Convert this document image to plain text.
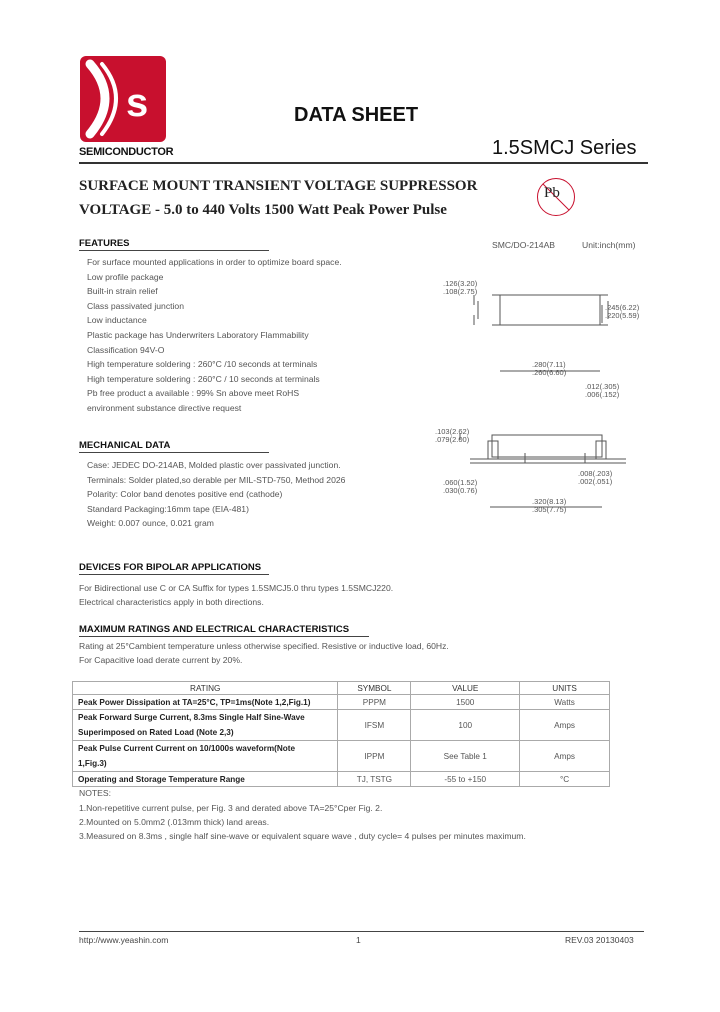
s
SEMICONDUCTOR
DATA SHEET
1.5SMCJ Series
SURFACE MOUNT TRANSIENT VOLTAGE SUPPRESSOR
VOLTAGE - 5.0 to 440 Volts 1500 Watt Peak Power Pulse
Pb
FEATURES
For surface mounted applications in order to optimize board space.
Low profile package
Built-in strain relief
Class passivated junction
Low inductance
Plastic package has Underwriters Laboratory Flammability
Classification 94V-O
High temperature soldering : 260°C /10 seconds at terminals
High temperature soldering : 260°C / 10 seconds at terminals
Pb free product a available : 99% Sn above meet RoHS
environment substance directive request
SMC/DO-214AB	Unit:inch(mm)
.126(3.20)
.108(2.75)
.245(6.22)
.220(5.59)
.280(7.11)
.260(6.60)
.012(.305)
.006(.152)
.103(2.62)
.079(2.00)
.060(1.52)
.030(0.76)
.008(.203)
.002(.051)
.320(8.13)
.305(7.75)
MECHANICAL DATA
Case: JEDEC DO-214AB, Molded plastic over passivated junction.
Terminals: Solder plated,so derable per MIL-STD-750, Method 2026
Polarity: Color band denotes positive end (cathode)
Standard Packaging:16mm tape (EIA-481)
Weight: 0.007 ounce, 0.021 gram
DEVICES FOR BIPOLAR APPLICATIONS
For Bidirectional use C or CA Suffix for types 1.5SMCJ5.0 thru types 1.5SMCJ220.
Electrical characteristics apply in both directions.
MAXIMUM RATINGS AND ELECTRICAL CHARACTERISTICS
Rating at 25°Cambient temperature unless otherwise specified. Resistive or inductive load, 60Hz.
For Capacitive load derate current by 20%.
RATING	SYMBOL	VALUE	UNITS
Peak Power Dissipation at TA=25°C, TP=1ms(Note 1,2,Fig.1)	PPPM	1500	Watts

Peak Forward Surge Current, 8.3ms Single Half Sine-Wave
Superimposed on Rated Load (Note 2,3)	IFSM	100	Amps

Peak Pulse Current Current on 10/1000s waveform(Note
1,Fig.3)	IPPM	See Table 1	Amps
Operating and Storage Temperature Range	TJ, TSTG	-55 to +150	°C
NOTES:
1.Non-repetitive current pulse, per Fig. 3 and derated above TA=25°Cper Fig. 2.
2.Mounted on 5.0mm2 (.013mm thick) land areas.
3.Measured on 8.3ms , single half sine-wave or equivalent square wave , duty cycle= 4 pulses per minutes maximum.
http://www.yeashin.com	1	REV.03 20130403
